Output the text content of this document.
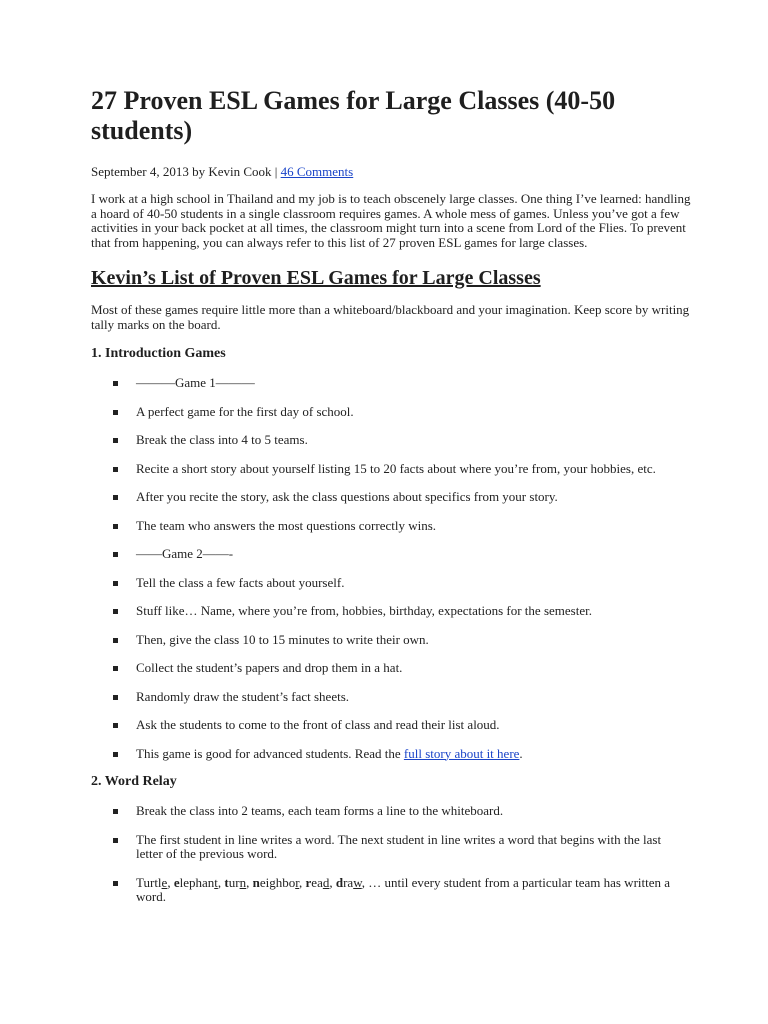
27 Proven ESL Games for Large Classes (40-50 students)
September 4, 2013 by Kevin Cook | 46 Comments

I work at a high school in Thailand and my job is to teach obscenely large classes. One thing I’ve learned: handling a hoard of 40-50 students in a single classroom requires games. A whole mess of games. Unless you’ve got a few activities in your back pocket at all times, the classroom might turn into a scene from Lord of the Flies. To prevent that from happening, you can always refer to this list of 27 proven ESL games for large classes.

Kevin’s List of Proven ESL Games for Large Classes

Most of these games require little more than a whiteboard/blackboard and your imagination. Keep score by writing tally marks on the board.

1. Introduction Games
———Game 1———
A perfect game for the first day of school.
Break the class into 4 to 5 teams.
Recite a short story about yourself listing 15 to 20 facts about where you’re from, your hobbies, etc.
After you recite the story, ask the class questions about specifics from your story.
The team who answers the most questions correctly wins.
——Game 2——-
Tell the class a few facts about yourself.
Stuff like… Name, where you’re from, hobbies, birthday, expectations for the semester.
Then, give the class 10 to 15 minutes to write their own.
Collect the student’s papers and drop them in a hat.
Randomly draw the student’s fact sheets.
Ask the students to come to the front of class and read their list aloud.
This game is good for advanced students. Read the full story about it here.
2. Word Relay
Break the class into 2 teams, each team forms a line to the whiteboard.
The first student in line writes a word. The next student in line writes a word that begins with the last letter of the previous word.
Turtle, elephant, turn, neighbor, read, draw, … until every student from a particular team has written a word.
